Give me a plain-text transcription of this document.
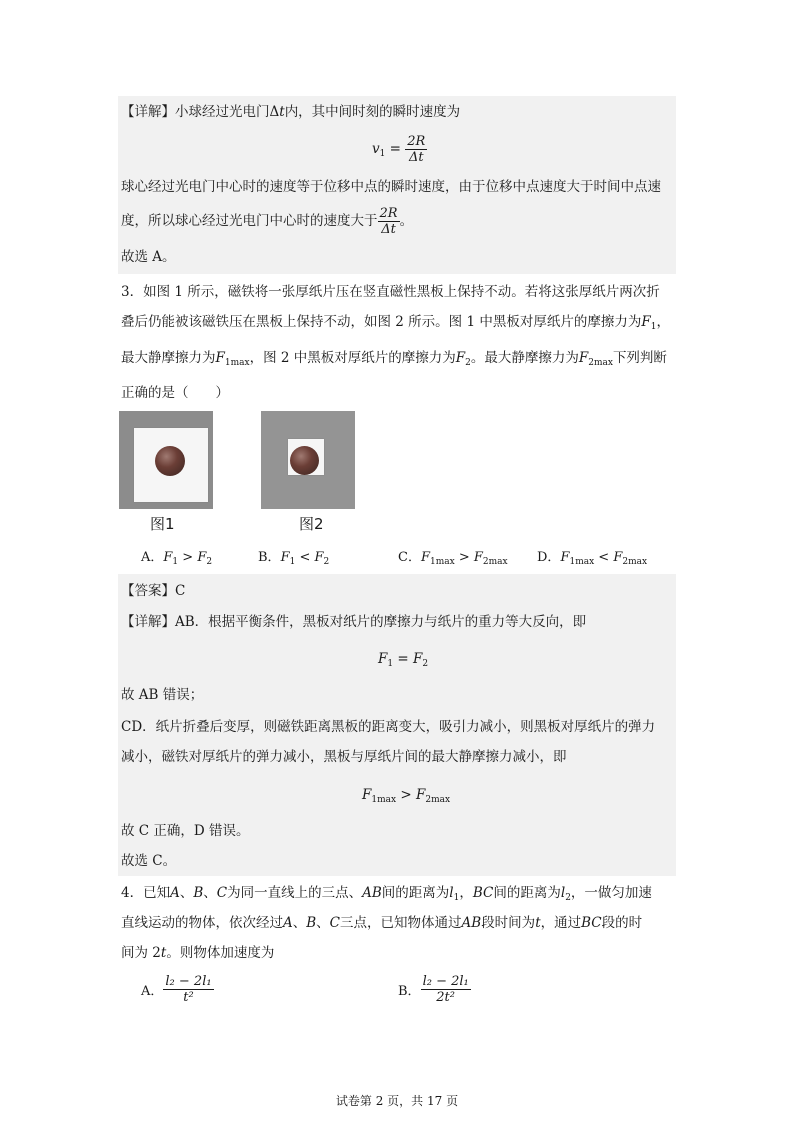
【详解】小球经过光电门Δt内，其中间时刻的瞬时速度为
$v_1 = \frac{2R}{\Delta t}$
球心经过光电门中心时的速度等于位移中点的瞬时速度，由于位移中点速度大于时间中点速
度，所以球心经过光电门中心时的速度大于 $\frac{2R}{\Delta t}$ 。
故选 A。
3．如图 1 所示，磁铁将一张厚纸片压在竖直磁性黑板上保持不动。若将这张厚纸片两次折
叠后仍能被该磁铁压在黑板上保持不动，如图 2 所示。图 1 中黑板对厚纸片的摩擦力为$F_1$，
最大静摩擦力为$F_{1max}$，图 2 中黑板对厚纸片的摩擦力为$F_2$。最大静摩擦力为$F_{2max}$下列判断
正确的是（　　）
图1	图2
A．$F_1 > F_2$	B．$F_1 < F_2$	C．$F_{1max} > F_{2max}$ D．$F_{1max} < F_{2max}$
【答案】C
【详解】AB．根据平衡条件，黑板对纸片的摩擦力与纸片的重力等大反向，即
$F_1 = F_2$
故 AB 错误；
CD．纸片折叠后变厚，则磁铁距离黑板的距离变大，吸引力减小，则黑板对厚纸片的弹力
减小，磁铁对厚纸片的弹力减小，黑板与厚纸片间的最大静摩擦力减小，即
$F_{1max} > F_{2max}$
故 C 正确，D 错误。
故选 C。
4．已知A、B、C为同一直线上的三点、AB间的距离为$l_1$，BC间的距离为$l_2$，一做匀加速
直线运动的物体，依次经过A、B、C三点，已知物体通过AB段时间为t，通过BC段的时
间为 2t。则物体加速度为
A． $\frac{\text{l₂ − 2l₁}}{\text{t²}}$	B． $\frac{\text{l₂ − 2l₁}}{\text{2t²}}$
试卷第 2 页，共 17 页
